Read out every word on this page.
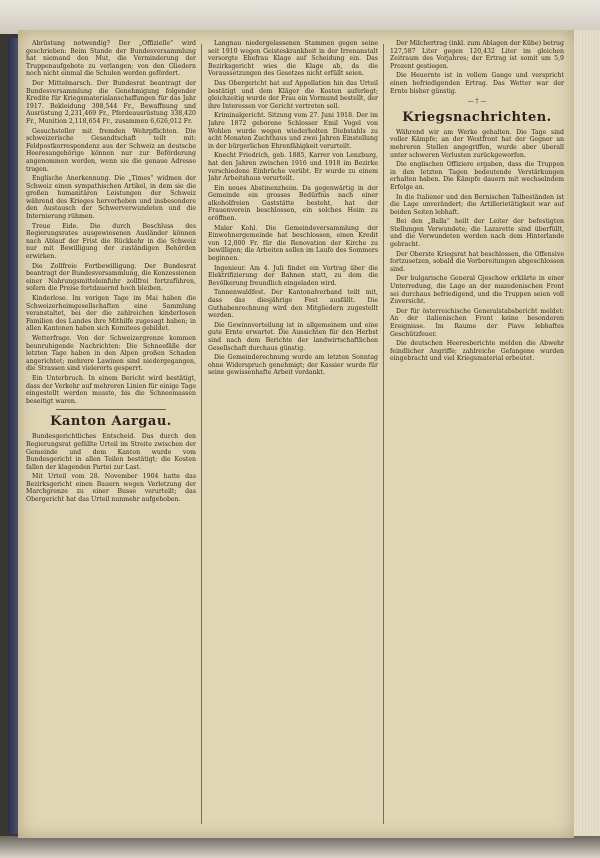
Abrüstung notwendig? Der „Offizielle“ wird geschrieben: Beim Stande der Bundesversammlung hat niemand den Mut, die Verminderung der Truppenaufgebote zu verlangen; von den Gliedern noch nicht einmal die Schulen werden gefördert.

Der Mittelmarsch. Der Bundesrat beantragt der Bundesversammlung die Genehmigung folgender Kredite für Kriegsmaterialanschaffungen für das Jahr 1917. Bekleidung 398,544 Fr., Bewaffnung und Ausrüstung 2,231,469 Fr., Pferdeausrüstung 338,420 Fr., Munition 2,118,654 Fr., zusammen 6,626,012 Fr.

Gesuchsteller mit fremden Wehrpflichten. Die schweizerische Gesandtschaft teilt mit: Feldpostkorrespondenz aus der Schweiz an deutsche Heeresangehörige können nur zur Beförderung angenommen werden, wenn sie die genaue Adresse tragen.

Englische Anerkennung. Die „Times“ widmen der Schweiz einen sympathischen Artikel, in dem sie die großen humanitären Leistungen der Schweiz während des Krieges hervorheben und insbesondere den Austausch der Schwerverwundeten und die Internierung rühmen.

Treue Eide. Die durch Beschluss des Regierungsrates ausgewiesenen Ausländer können nach Ablauf der Frist die Rückkehr in die Schweiz nur mit Bewilligung der zuständigen Behörden erwirken.

Die Zollfreie Fortbewilligung. Der Bundesrat beantragt der Bundesversammlung, die Konzessionen einer Nahrungsmitteleinfuhr zollfrei fortzuführen, sofern die Preise fortdauernd hoch bleiben.

Kinderlose. Im vorigen Tage im Mai haben die Schweizerheimgesellschaften eine Sammlung veranstaltet, bei der die zahlreichen kinderlosen Familien des Landes ihre Mithilfe zugesagt haben; in allen Kantonen haben sich Komitees gebildet.

Wetterfrage. Von der Schweizergrenze kommen beunruhigende Nachrichten: Die Schneefälle der letzten Tage haben in den Alpen großen Schaden angerichtet; mehrere Lawinen sind niedergegangen, die Strassen sind vielerorts gesperrt.

Ein Unterbruch. In einem Bericht wird bestätigt, dass der Verkehr auf mehreren Linien für einige Tage eingestellt werden musste, bis die Schneemassen beseitigt waren.

Kanton Aargau.

Bundesgerichtliches Entscheid. Das durch den Regierungsrat gefällte Urteil im Streite zwischen der Gemeinde und dem Kanton wurde vom Bundesgericht in allen Teilen bestätigt; die Kosten fallen der klagenden Partei zur Last.

Mit Urteil vom 28. November 1904 hatte das Bezirksgericht einen Bauern wegen Verletzung der Marchgrenze zu einer Busse verurteilt; das Obergericht hat das Urteil nunmehr aufgehoben.

Langnau niedergelassenen Stammen gegen seine seit 1910 wegen Geisteskrankheit in der Irrenanstalt versorgte Ehefrau Klage auf Scheidung ein. Das Bezirksgericht wies die Klage ab, da die Voraussetzungen des Gesetzes nicht erfüllt seien.

Das Obergericht hat auf Appellation hin das Urteil bestätigt und dem Kläger die Kosten auferlegt; gleichzeitig wurde der Frau ein Vormund bestellt, der ihre Interessen vor Gericht vertreten soll.

Kriminalgericht. Sitzung vom 27. Juni 1918. Der im Jahre 1872 geborene Schlosser Emil Vogel von Wohlen wurde wegen wiederholten Diebstahls zu acht Monaten Zuchthaus und zwei Jahren Einstellung in der bürgerlichen Ehrenfähigkeit verurteilt.

Knecht Friedrich, geb. 1885, Karrer von Lenzburg, hat den Jahren zwischen 1916 und 1918 im Bezirke verschiedene Einbrüche verübt. Er wurde zu einem Jahr Arbeitshaus verurteilt.

Ein neues Abstinenzheim. Da gegenwärtig in der Gemeinde ein grosses Bedürfnis nach einer alkoholfreien Gaststätte besteht, hat der Frauenverein beschlossen, ein solches Heim zu eröffnen.

Maler Kohl. Die Gemeindeversammlung der Einwohnergemeinde hat beschlossen, einen Kredit von 12,000 Fr. für die Renovation der Kirche zu bewilligen; die Arbeiten sollen im Laufe des Sommers beginnen.

Ingenieur. Am 4. Juli findet ein Vortrag über die Elektrifizierung der Bahnen statt, zu dem die Bevölkerung freundlich eingeladen wird.

Tannenwaldfest. Der Kantonalverband teilt mit, dass das diesjährige Fest ausfällt. Die Guthabenrechnung wird den Mitgliedern zugestellt werden.

Die Gewinnverteilung ist in allgemeinem und eine gute Ernte erwartet. Die Aussichten für den Herbst sind nach dem Berichte der landwirtschaftlichen Gesellschaft durchaus günstig.

Die Gemeinderechnung wurde am letzten Sonntag ohne Widerspruch genehmigt; der Kassier wurde für seine gewissenhafte Arbeit verdankt.

Der Milchertrag (inkl. zum Ablagen der Kühe) betrug 127,587 Liter gegen 120,432 Liter im gleichen Zeitraum des Vorjahres; der Ertrag ist somit um 5,9 Prozent gestiegen.

Die Heuernte ist in vollem Gange und verspricht einen befriedigenden Ertrag. Das Wetter war der Ernte bisher günstig.

— † —
Kriegsnachrichten.

Während wir am Werke gehalten. Die Tage sind voller Kämpfe; an der Westfront hat der Gegner an mehreren Stellen angegriffen, wurde aber überall unter schweren Verlusten zurückgeworfen.

Die englischen Offiziere ergaben, dass die Truppen in den letzten Tagen bedeutende Verstärkungen erhalten haben. Die Kämpfe dauern mit wechselndem Erfolge an.

In die Italiener und den Bernischen Talbeständen ist die Lage unverändert; die Artillerietätigkeit war auf beiden Seiten lebhaft.

Bei den „Balla“ heilt der Leiter der befestigten Stellungen Verwundete; die Lazarette sind überfüllt, und die Verwundeten werden nach dem Hinterlande gebracht.

Der Oberste Kriegsrat hat beschlossen, die Offensive fortzusetzen, sobald die Vorbereitungen abgeschlossen sind.

Der bulgarische General Gjeschow erklärte in einer Unterredung, die Lage an der mazedonischen Front sei durchaus befriedigend, und die Truppen seien voll Zuversicht.

Der für österreichische Generalstabsbericht meldet: An der italienischen Front keine besonderen Ereignisse. Im Raume der Piave lebhaftes Geschützfeuer.

Die deutschen Heeresberichte melden die Abwehr feindlicher Angriffe; zahlreiche Gefangene wurden eingebracht und viel Kriegsmaterial erbeutet.
